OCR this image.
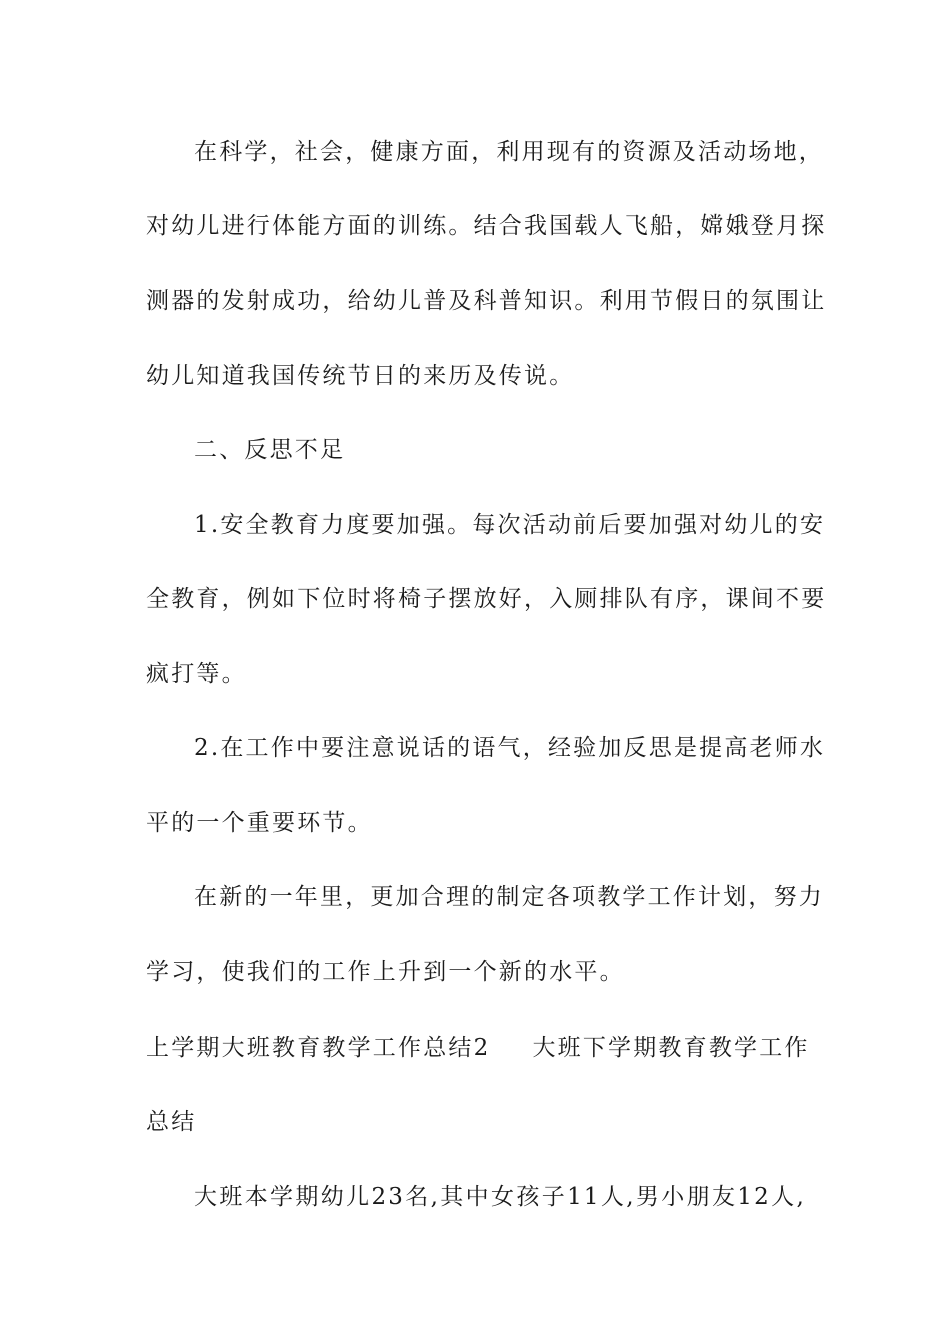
在科学，社会，健康方面，利用现有的资源及活动场地，
对幼儿进行体能方面的训练。结合我国载人飞船，嫦娥登月探
测器的发射成功，给幼儿普及科普知识。利用节假日的氛围让
幼儿知道我国传统节日的来历及传说。
二、反思不足
1.安全教育力度要加强。每次活动前后要加强对幼儿的安
全教育，例如下位时将椅子摆放好，入厕排队有序，课间不要
疯打等。
2.在工作中要注意说话的语气，经验加反思是提高老师水
平的一个重要环节。
在新的一年里，更加合理的制定各项教学工作计划，努力
学习，使我们的工作上升到一个新的水平。
上学期大班教育教学工作总结2 大班下学期教育教学工作
总结
大班本学期幼儿23名,其中女孩子11人,男小朋友12人,
